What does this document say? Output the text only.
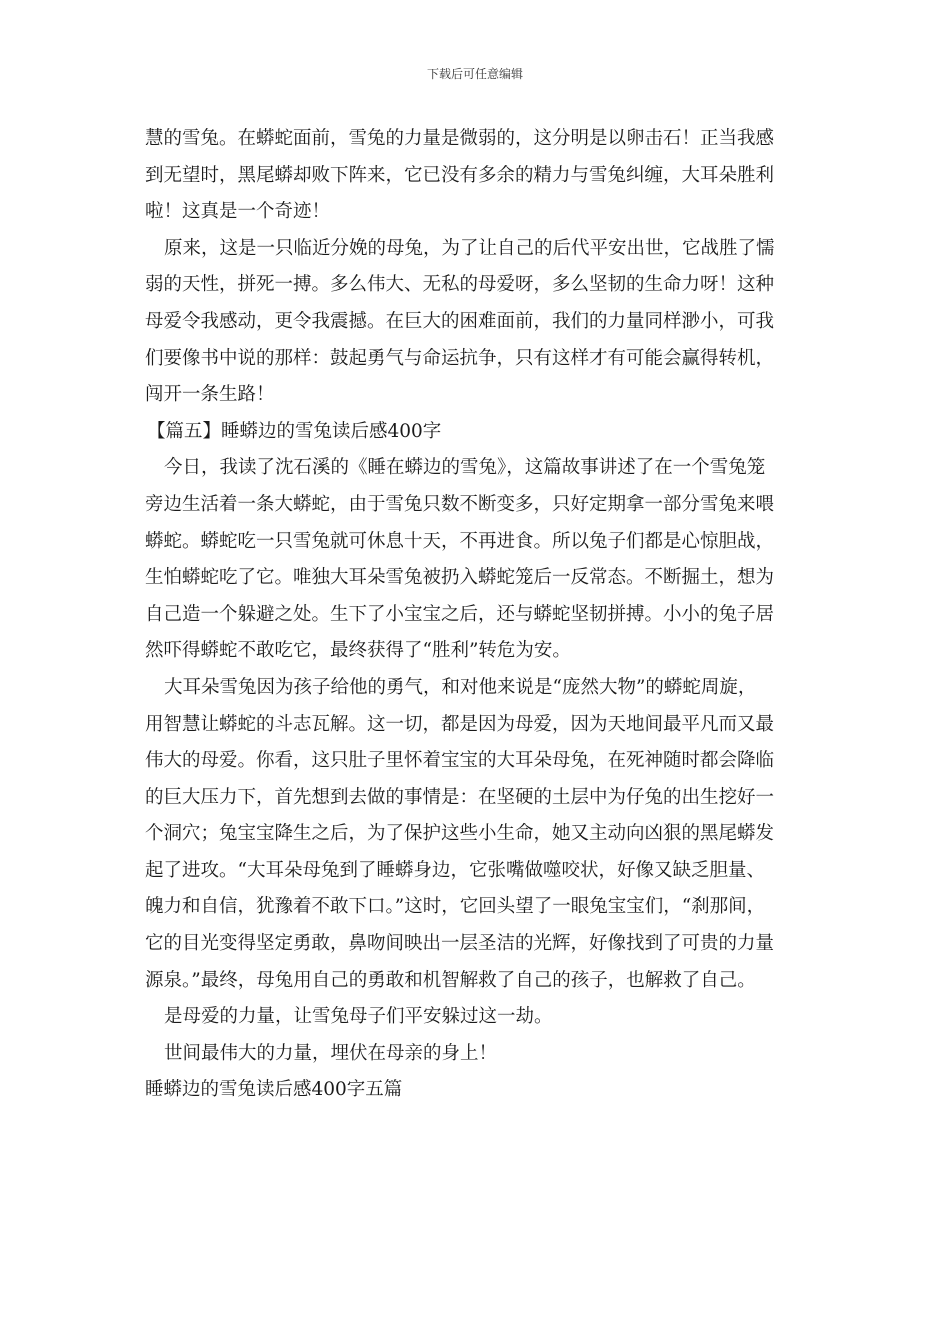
下载后可任意编辑
慧的雪兔。在蟒蛇面前，雪兔的力量是微弱的，这分明是以卵击石！正当我感
到无望时，黑尾蟒却败下阵来，它已没有多余的精力与雪兔纠缠，大耳朵胜利
啦！这真是一个奇迹！
原来，这是一只临近分娩的母兔，为了让自己的后代平安出世，它战胜了懦
弱的天性，拼死一搏。多么伟大、无私的母爱呀，多么坚韧的生命力呀！这种
母爱令我感动，更令我震撼。在巨大的困难面前，我们的力量同样渺小，可我
们要像书中说的那样：鼓起勇气与命运抗争，只有这样才有可能会赢得转机，
闯开一条生路！
【篇五】睡蟒边的雪兔读后感400字
今日，我读了沈石溪的《睡在蟒边的雪兔》，这篇故事讲述了在一个雪兔笼
旁边生活着一条大蟒蛇，由于雪兔只数不断变多，只好定期拿一部分雪兔来喂
蟒蛇。蟒蛇吃一只雪兔就可休息十天，不再进食。所以兔子们都是心惊胆战，
生怕蟒蛇吃了它。唯独大耳朵雪兔被扔入蟒蛇笼后一反常态。不断掘土，想为
自己造一个躲避之处。生下了小宝宝之后，还与蟒蛇坚韧拼搏。小小的兔子居
然吓得蟒蛇不敢吃它，最终获得了“胜利”转危为安。
大耳朵雪兔因为孩子给他的勇气，和对他来说是“庞然大物”的蟒蛇周旋，
用智慧让蟒蛇的斗志瓦解。这一切，都是因为母爱，因为天地间最平凡而又最
伟大的母爱。你看，这只肚子里怀着宝宝的大耳朵母兔，在死神随时都会降临
的巨大压力下，首先想到去做的事情是：在坚硬的土层中为仔兔的出生挖好一
个洞穴；兔宝宝降生之后，为了保护这些小生命，她又主动向凶狠的黑尾蟒发
起了进攻。“大耳朵母兔到了睡蟒身边，它张嘴做噬咬状，好像又缺乏胆量、
魄力和自信，犹豫着不敢下口。”这时，它回头望了一眼兔宝宝们，“刹那间，
它的目光变得坚定勇敢，鼻吻间映出一层圣洁的光辉，好像找到了可贵的力量
源泉。”最终，母兔用自己的勇敢和机智解救了自己的孩子，也解救了自己。
是母爱的力量，让雪兔母子们平安躲过这一劫。
世间最伟大的力量，埋伏在母亲的身上！
睡蟒边的雪兔读后感400字五篇
